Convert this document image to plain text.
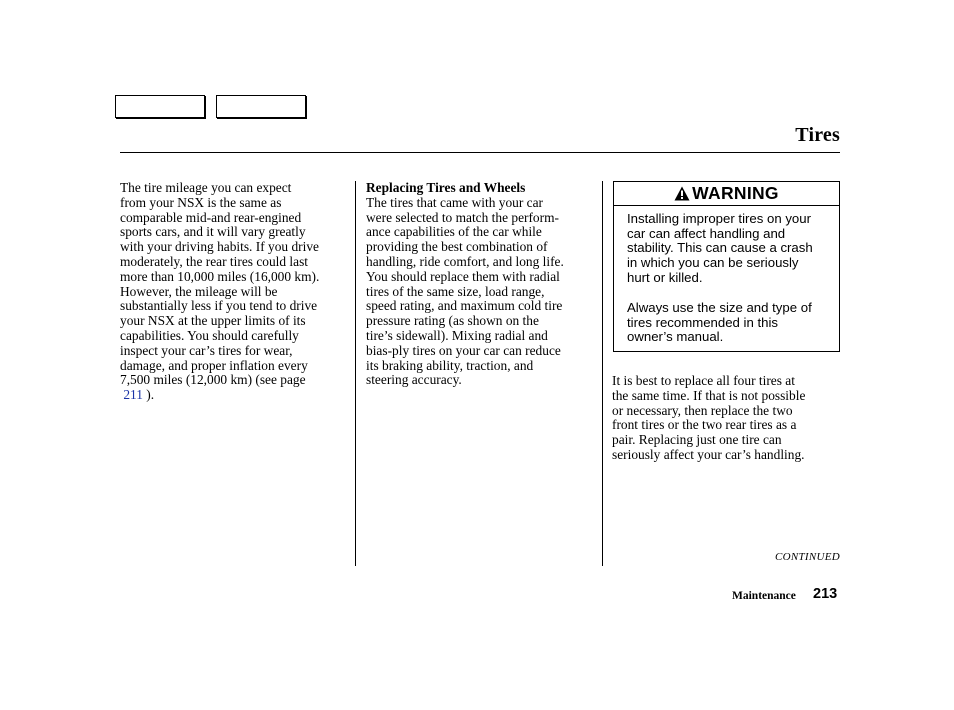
Tires
The tire mileage you can expect
from your NSX is the same as
comparable mid-and rear-engined
sports cars, and it will vary greatly
with your driving habits. If you drive
moderately, the rear tires could last
more than 10,000 miles (16,000 km).
However, the mileage will be
substantially less if you tend to drive
your NSX at the upper limits of its
capabilities. You should carefully
inspect your car’s tires for wear,
damage, and proper inflation every
7,500 miles (12,000 km) (see page
211 ).
Replacing Tires and Wheels
The tires that came with your car
were selected to match the perform-
ance capabilities of the car while
providing the best combination of
handling, ride comfort, and long life.
You should replace them with radial
tires of the same size, load range,
speed rating, and maximum cold tire
pressure rating (as shown on the
tire’s sidewall). Mixing radial and
bias-ply tires on your car can reduce
its braking ability, traction, and
steering accuracy.
WARNING
Installing improper tires on your
car can affect handling and
stability. This can cause a crash
in which you can be seriously
hurt or killed.
Always use the size and type of
tires recommended in this
owner’s manual.
It is best to replace all four tires at
the same time. If that is not possible
or necessary, then replace the two
front tires or the two rear tires as a
pair. Replacing just one tire can
seriously affect your car’s handling.

CONTINUED

Maintenance 213
